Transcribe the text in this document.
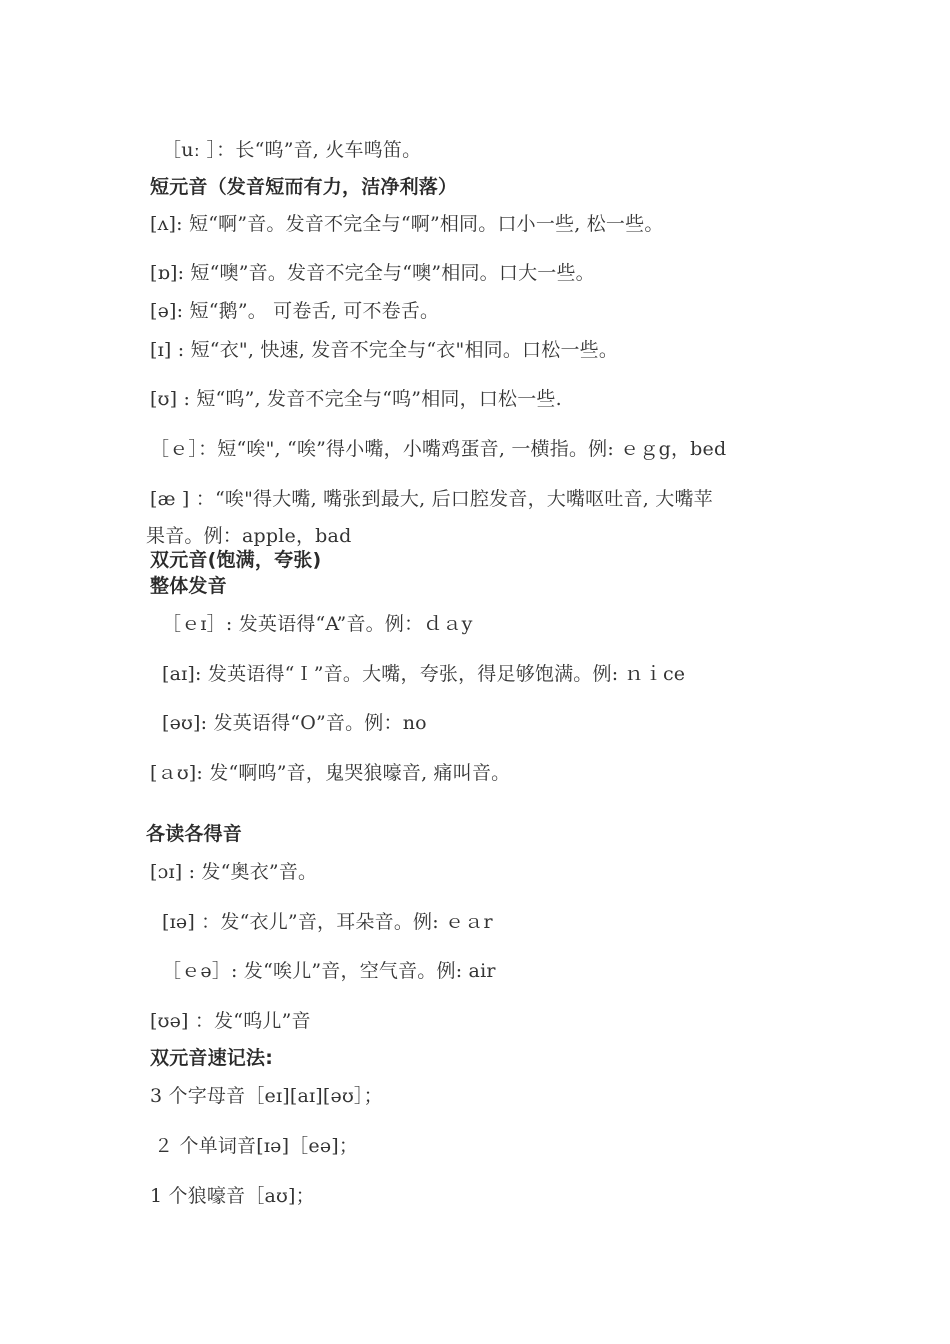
［uː ］：长“呜”音, 火车鸣笛。
短元音（发音短而有力，洁净利落）
[ʌ]: 短“啊”音。发音不完全与“啊”相同。口小一些, 松一些。
[ɒ]: 短“噢”音。发音不完全与“噢”相同。口大一些。
[ə]: 短“鹅”。 可卷舌, 可不卷舌。
[ɪ] : 短“衣", 快速, 发音不完全与“衣"相同。口松一些。
[ʊ] : 短“呜”, 发音不完全与“呜”相同，口松一些.
［ｅ］：短“唉", “唉”得小嘴，小嘴鸡蛋音, 一横指。例: ｅｇg，bed
[æ ] ：“唉"得大嘴, 嘴张到最大, 后口腔发音，大嘴呕吐音, 大嘴苹
果音。例：apple，bad
双元音(饱满，夸张)
整体发音
［ｅɪ］: 发英语得“A”音。例：ｄａy
[aɪ]: 发英语得“Ｉ”音。大嘴，夸张，得足够饱满。例: ｎｉce
[əʊ]: 发英语得“O”音。例：no
[ａʊ]: 发“啊呜”音，鬼哭狼嚎音, 痛叫音。
各读各得音
[ɔɪ] : 发“奥衣”音。
[ɪə] ：发“衣儿”音，耳朵音。例: ｅａr
［ｅə］: 发“唉儿”音，空气音。例: air
[ʊə] ：发“呜儿”音
双元音速记法:
3 个字母音［eɪ][aɪ][əʊ］；
２ 个单词音[ɪə]［eə]；
1 个狼嚎音［aʊ]；
